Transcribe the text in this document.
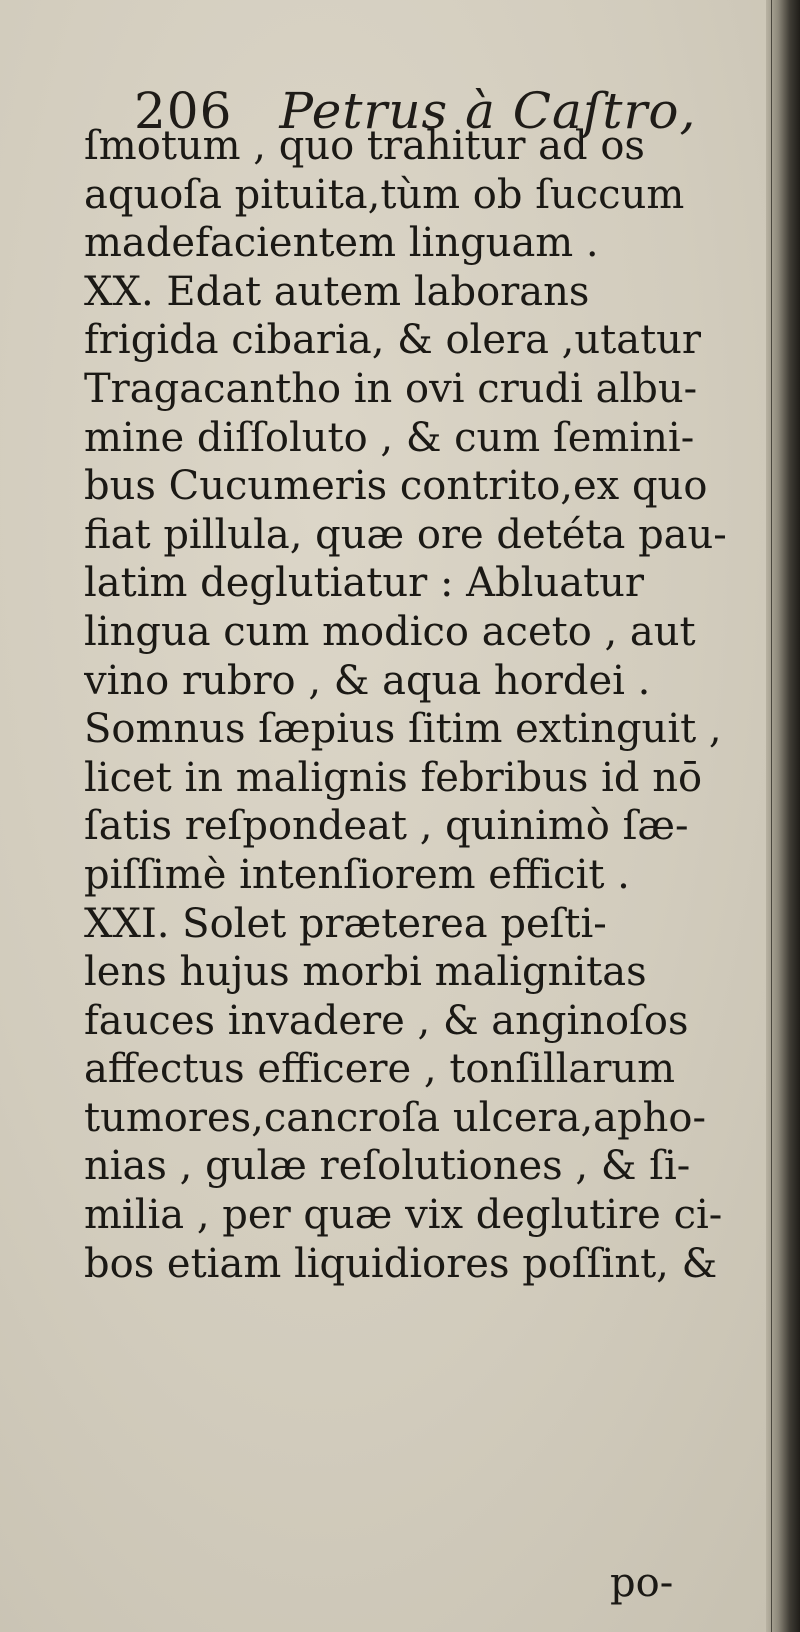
206 Petrus à Caſtro,
ſmotum , quo trahitur ad os
aquoſa pituita,tùm ob ſuccum
madefacientem linguam .
XX. Edat autem laborans
frigida cibaria, & olera ,utatur
Tragacantho in ovi crudi albu-
mine diſſoluto , & cum ſemini-
bus Cucumeris contrito,ex quo
fiat pillula, quæ ore detéta pau-
latim deglutiatur : Abluatur
lingua cum modico aceto , aut
vino rubro , & aqua hordei .
Somnus ſæpius ſitim extinguit ,
licet in malignis febribus id nō
ſatis reſpondeat , quinimò ſæ-
piſſimè intenſiorem efficit .
XXI. Solet præterea peſti-
lens hujus morbi malignitas
fauces invadere , & anginoſos
affectus efficere , tonſillarum
tumores,cancroſa ulcera,apho-
nias , gulæ reſolutiones , & ſi-
milia , per quæ vix deglutire ci-
bos etiam liquidiores poſſint, &
po-
